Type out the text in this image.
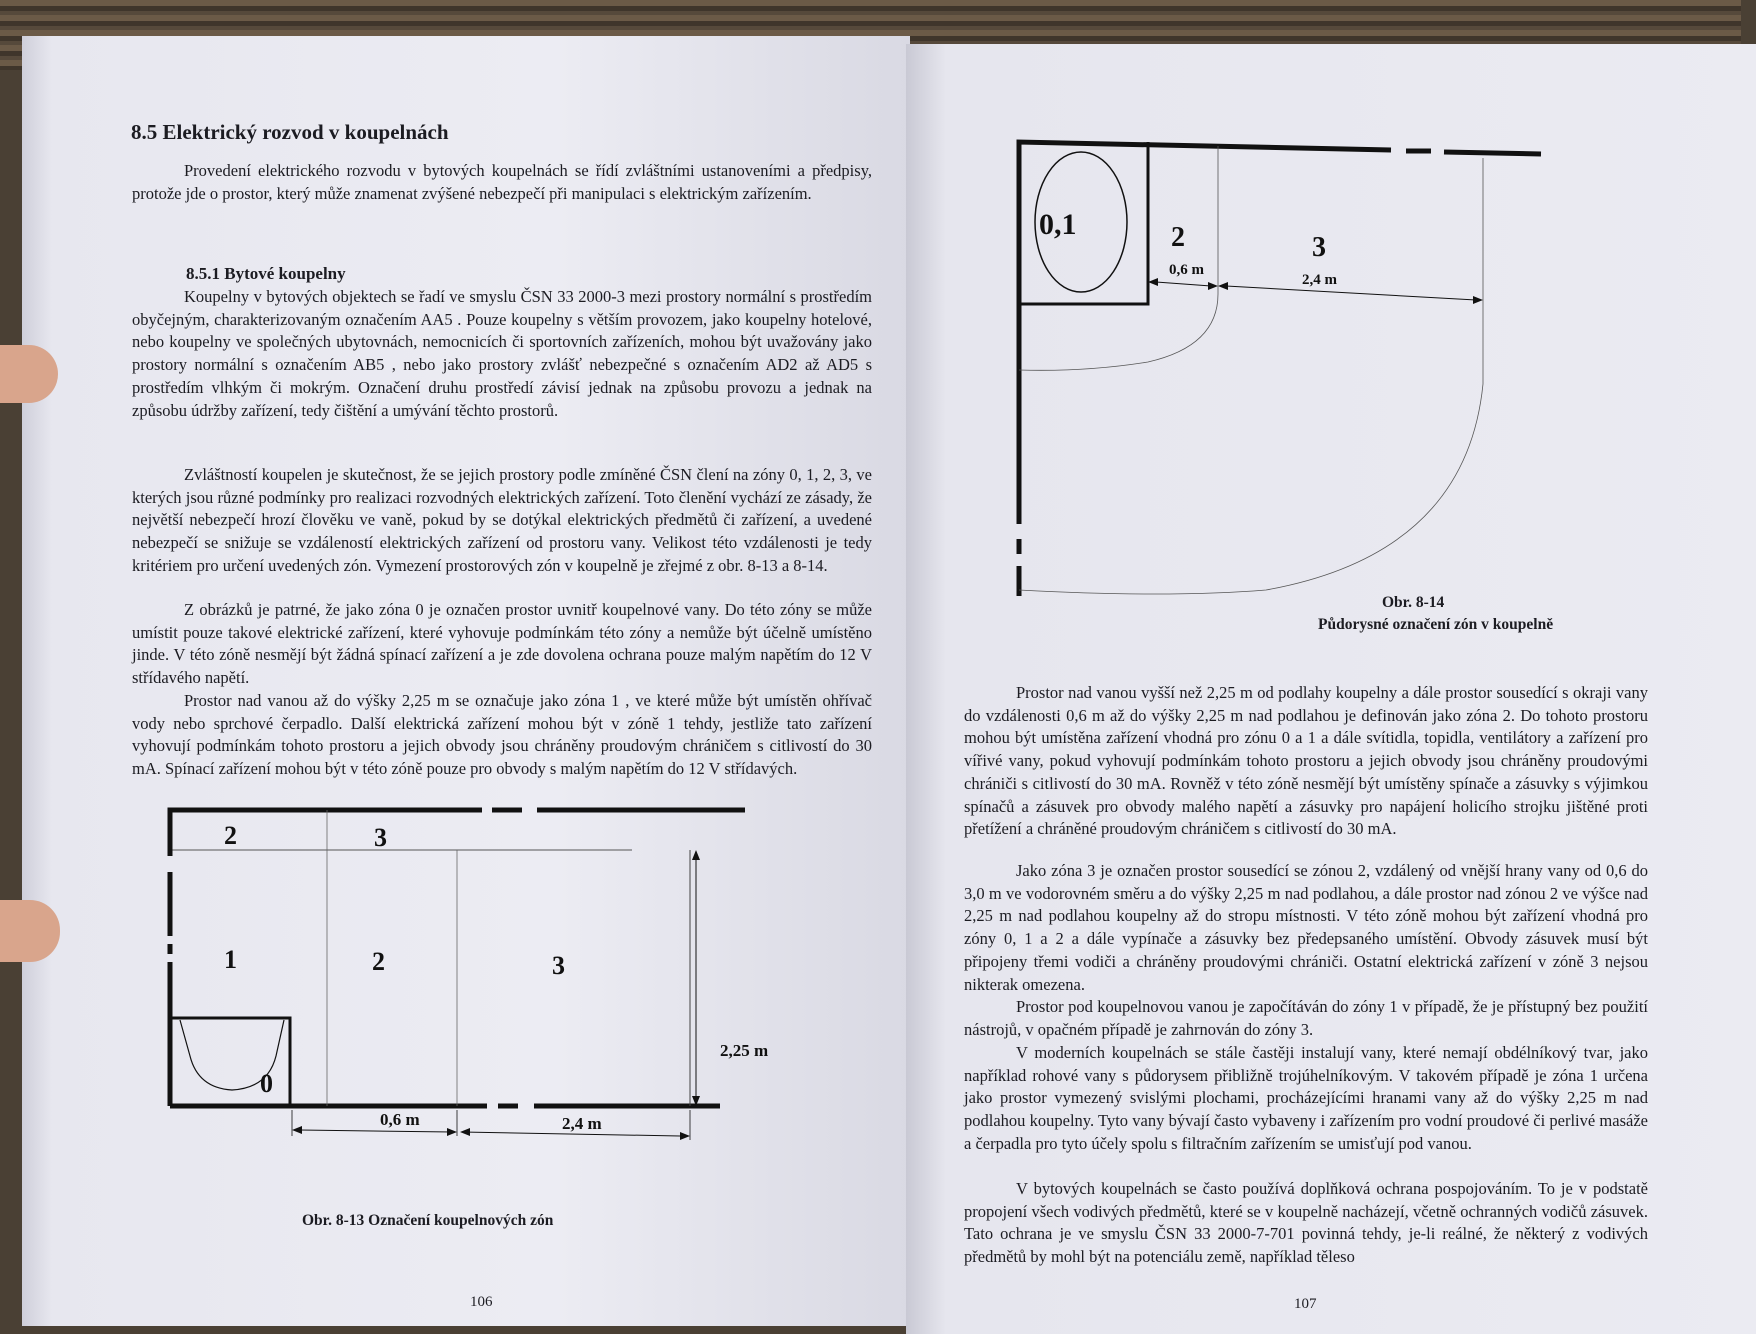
8.5 Elektrický rozvod v koupelnách

Provedení elektrického rozvodu v bytových koupelnách se řídí zvláštními ustanoveními a předpisy, protože jde o prostor, který může znamenat zvýšené nebezpečí při manipulaci s elektrickým zařízením.

8.5.1 Bytové koupelny

Koupelny v bytových objektech se řadí ve smyslu ČSN 33 2000-3 mezi prostory normální s prostředím obyčejným, charakterizovaným označením AA5 . Pouze koupelny s větším provozem, jako koupelny hotelové, nebo koupelny ve společných ubytovnách, nemocnicích či sportovních zařízeních, mohou být uvažovány jako prostory normální s označením AB5 , nebo jako prostory zvlášť nebezpečné s označením AD2 až AD5 s prostředím vlhkým či mokrým. Označení druhu prostředí závisí jednak na způsobu provozu a jednak na způsobu údržby zařízení, tedy čištění a umývání těchto prostorů.

Zvláštností koupelen je skutečnost, že se jejich prostory podle zmíněné ČSN člení na zóny 0, 1, 2, 3, ve kterých jsou různé podmínky pro realizaci rozvodných elektrických zařízení. Toto členění vychází ze zásady, že největší nebezpečí hrozí člověku ve vaně, pokud by se dotýkal elektrických předmětů či zařízení, a uvedené nebezpečí se snižuje se vzdáleností elektrických zařízení od prostoru vany. Velikost této vzdálenosti je tedy kritériem pro určení uvedených zón. Vymezení prostorových zón v koupelně je zřejmé z obr. 8-13 a 8-14.

Z obrázků je patrné, že jako zóna 0 je označen prostor uvnitř koupelnové vany. Do této zóny se může umístit pouze takové elektrické zařízení, které vyhovuje podmínkám této zóny a nemůže být účelně umístěno jinde. V této zóně nesmějí být žádná spínací zařízení a je zde dovolena ochrana pouze malým napětím do 12 V střídavého napětí.

Prostor nad vanou až do výšky 2,25 m se označuje jako zóna 1 , ve které může být umístěn ohřívač vody nebo sprchové čerpadlo. Další elektrická zařízení mohou být v zóně 1 tehdy, jestliže tato zařízení vyhovují podmínkám tohoto prostoru a jejich obvody jsou chráněny proudovým chráničem s citlivostí do 30 mA. Spínací zařízení mohou být v této zóně pouze pro obvody s malým napětím do 12 V střídavých.

2	3
1	2	3
0
2,25 m
0,6 m	2,4 m
Obr. 8-13 Označení koupelnových zón
106
0,1	2	3
0,6 m
2,4 m
Obr. 8-14
Půdorysné označení zón v koupelně

Prostor nad vanou vyšší než 2,25 m od podlahy koupelny a dále prostor sousedící s okraji vany do vzdálenosti 0,6 m až do výšky 2,25 m nad podlahou je definován jako zóna 2. Do tohoto prostoru mohou být umístěna zařízení vhodná pro zónu 0 a 1 a dále svítidla, topidla, ventilátory a zařízení pro vířivé vany, pokud vyhovují podmínkám tohoto prostoru a jejich obvody jsou chráněny proudovými chrániči s citlivostí do 30 mA. Rovněž v této zóně nesmějí být umístěny spínače a zásuvky s výjimkou spínačů a zásuvek pro obvody malého napětí a zásuvky pro napájení holicího strojku jištěné proti přetížení a chráněné proudovým chráničem s citlivostí do 30 mA.

Jako zóna 3 je označen prostor sousedící se zónou 2, vzdálený od vnější hrany vany od 0,6 do 3,0 m ve vodorovném směru a do výšky 2,25 m nad podlahou, a dále prostor nad zónou 2 ve výšce nad 2,25 m nad podlahou koupelny až do stropu místnosti. V této zóně mohou být zařízení vhodná pro zóny 0, 1 a 2 a dále vypínače a zásuvky bez předepsaného umístění. Obvody zásuvek musí být připojeny třemi vodiči a chráněny proudovými chrániči. Ostatní elektrická zařízení v zóně 3 nejsou nikterak omezena.

Prostor pod koupelnovou vanou je započítáván do zóny 1 v případě, že je přístupný bez použití nástrojů, v opačném případě je zahrnován do zóny 3.

V moderních koupelnách se stále častěji instalují vany, které nemají obdélníkový tvar, jako například rohové vany s půdorysem přibližně trojúhelníkovým. V takovém případě je zóna 1 určena jako prostor vymezený svislými plochami, procházejícími hranami vany až do výšky 2,25 m nad podlahou koupelny. Tyto vany bývají často vybaveny i zařízením pro vodní proudové či perlivé masáže a čerpadla pro tyto účely spolu s filtračním zařízením se umisťují pod vanou.

V bytových koupelnách se často používá doplňková ochrana pospojováním. To je v podstatě propojení všech vodivých předmětů, které se v koupelně nacházejí, včetně ochranných vodičů zásuvek. Tato ochrana je ve smyslu ČSN 33 2000-7-701 povinná tehdy, je-li reálné, že některý z vodivých předmětů by mohl být na potenciálu země, například těleso

107
